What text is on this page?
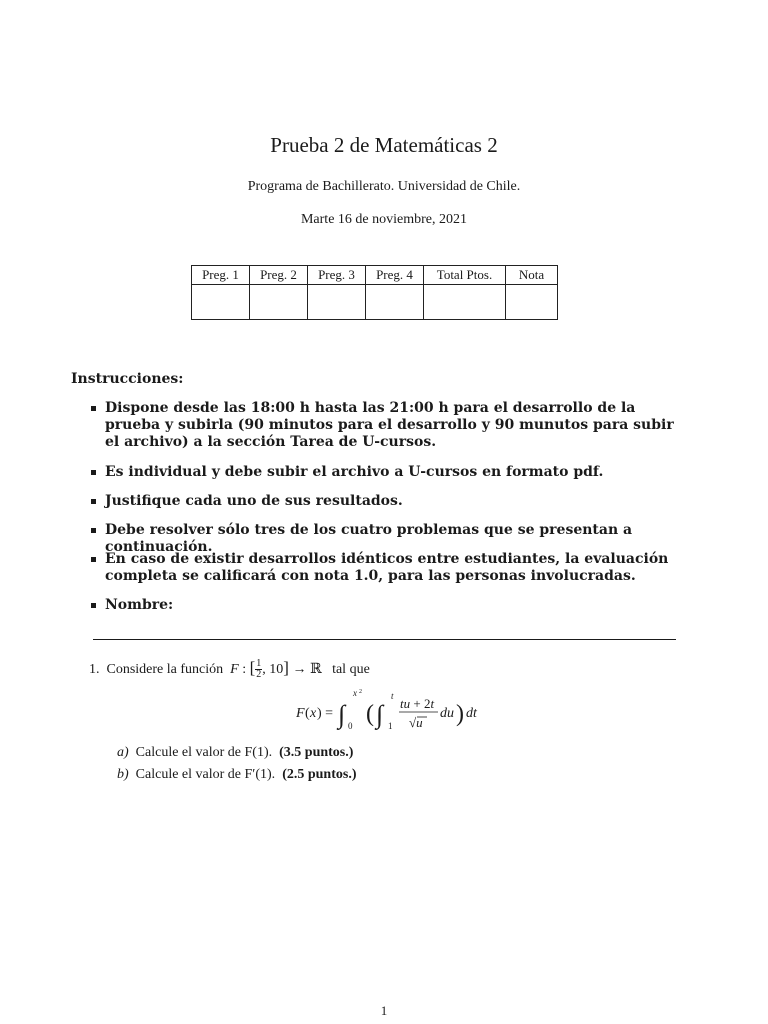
Prueba 2 de Matemáticas 2
Programa de Bachillerato. Universidad de Chile.
Marte 16 de noviembre, 2021
Preg. 1	Preg. 2	Preg. 3	Preg. 4	Total Ptos.	Nota

Instrucciones:
Dispone desde las 18:00 h hasta las 21:00 h para el desarrollo de la prueba y subirla (90 minutos para el desarrollo y 90 munutos para subir el archivo) a la sección Tarea de U-cursos.
Es individual y debe subir el archivo a U-cursos en formato pdf.
Justifique cada uno de sus resultados.
Debe resolver sólo tres de los cuatro problemas que se presentan a continuación.
En caso de existir desarrollos idénticos entre estudiantes, la evaluación completa se calificará con nota 1.0, para las personas involucradas.
Nombre:
1. Considere la función F : [ $\frac{1}{2}$ , 10] → ℝ   tal que
F ( x ) = ∫
x 2
0 ( ∫
t
1
tu + 2t
√u
du ) dt
a) Calcule el valor de F(1). (3.5 puntos.)
b) Calcule el valor de F′(1). (2.5 puntos.)
1
